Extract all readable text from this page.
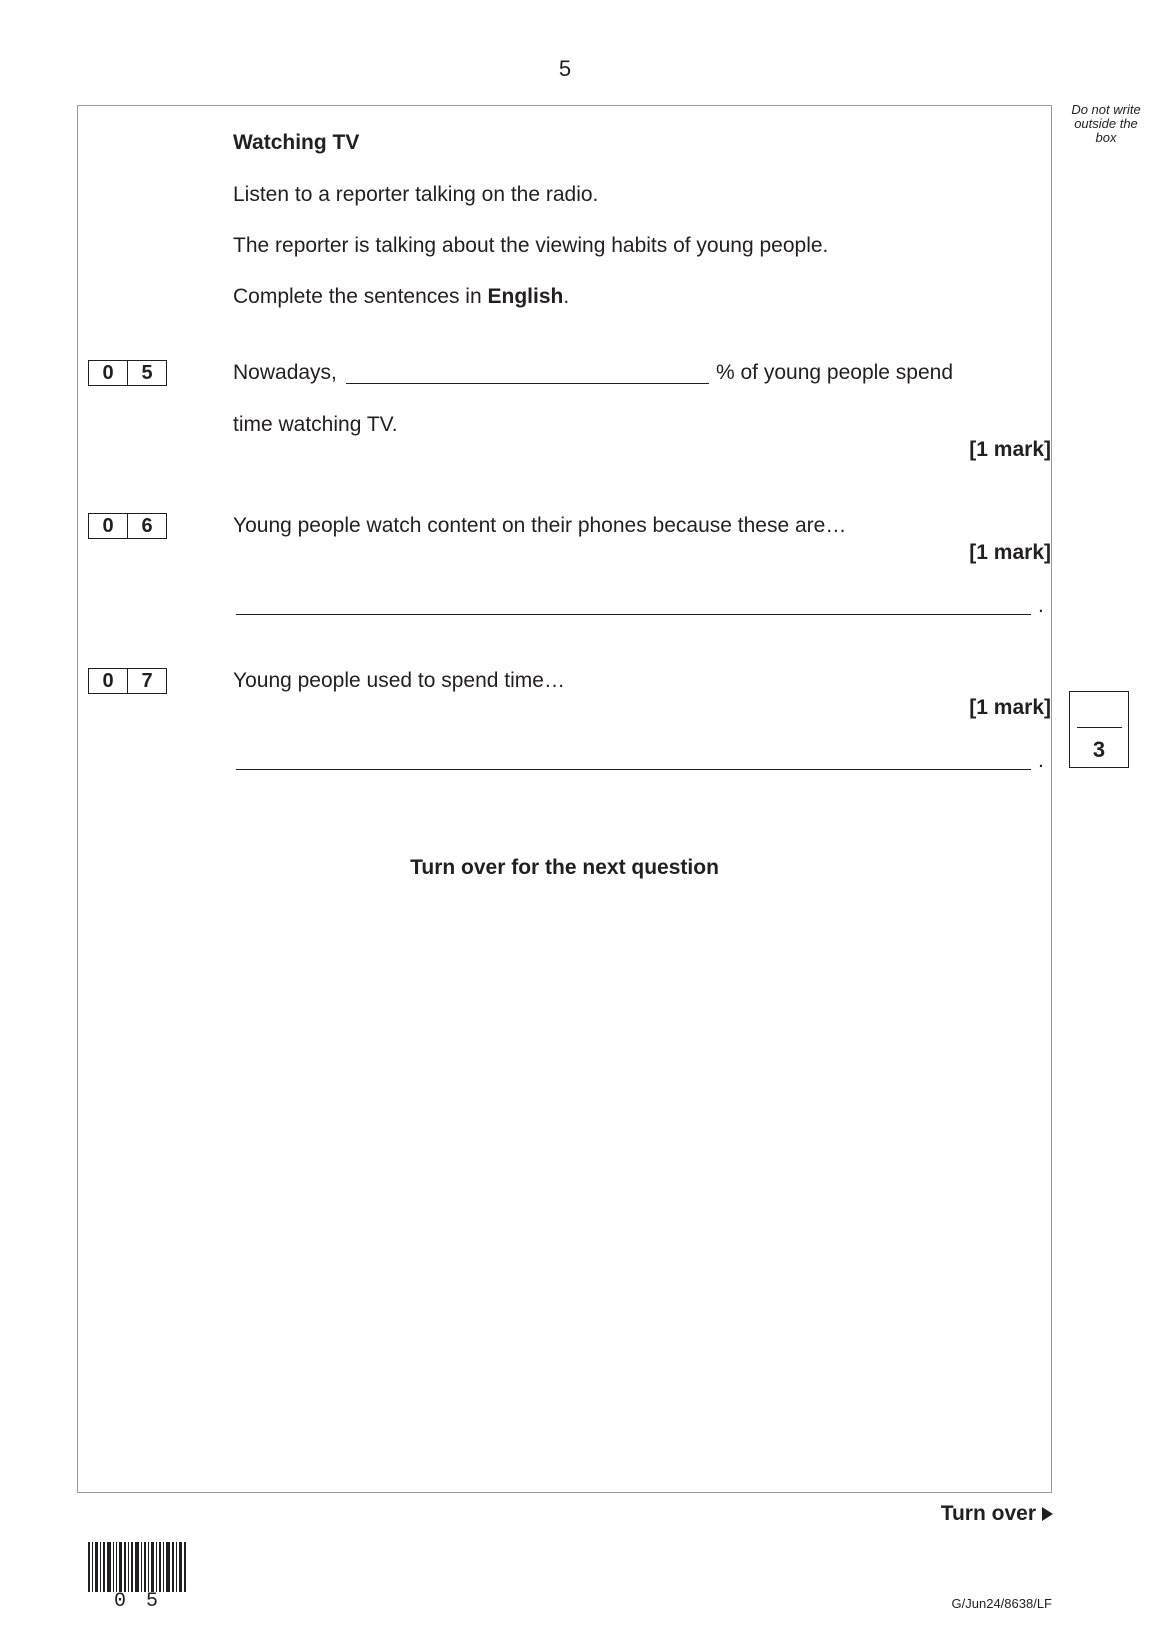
5
Do not write outside the box
Watching TV
Listen to a reporter talking on the radio.
The reporter is talking about the viewing habits of young people.
Complete the sentences in English.
0	5	Nowadays,	% of young people spend
time watching TV.
[1 mark]
0	6	Young people watch content on their phones because these are…
[1 mark]
.
0	7	Young people used to spend time…
[1 mark]
.	3
Turn over for the next question
Turn over
0 5	G/Jun24/8638/LF
